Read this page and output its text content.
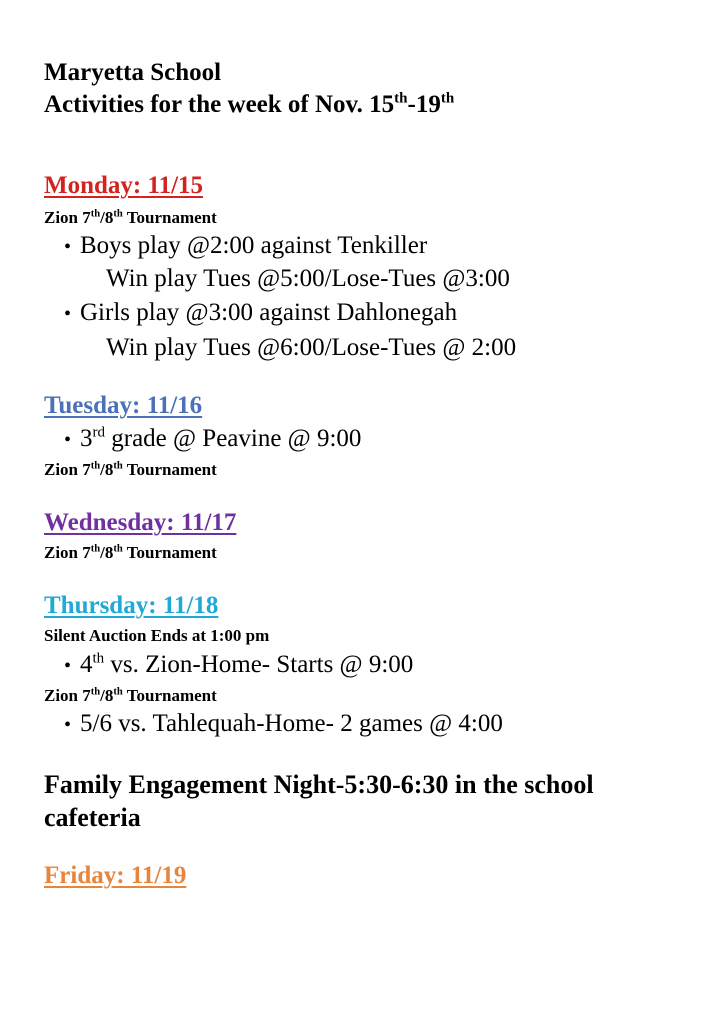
Maryetta School
Activities for the week of Nov. 15th-19th
Monday: 11/15
Zion 7th/8th Tournament
• Boys play @2:00 against Tenkiller
Win play Tues @5:00/Lose-Tues @3:00
• Girls play @3:00 against Dahlonegah
Win play Tues @6:00/Lose-Tues @ 2:00
Tuesday: 11/16
• 3rd grade @ Peavine @ 9:00
Zion 7th/8th Tournament
Wednesday: 11/17
Zion 7th/8th Tournament
Thursday: 11/18
Silent Auction Ends at 1:00 pm
• 4th vs. Zion-Home- Starts @ 9:00
Zion 7th/8th Tournament
• 5/6 vs. Tahlequah-Home- 2 games @ 4:00
Family Engagement Night-5:30-6:30 in the school
cafeteria
Friday: 11/19
